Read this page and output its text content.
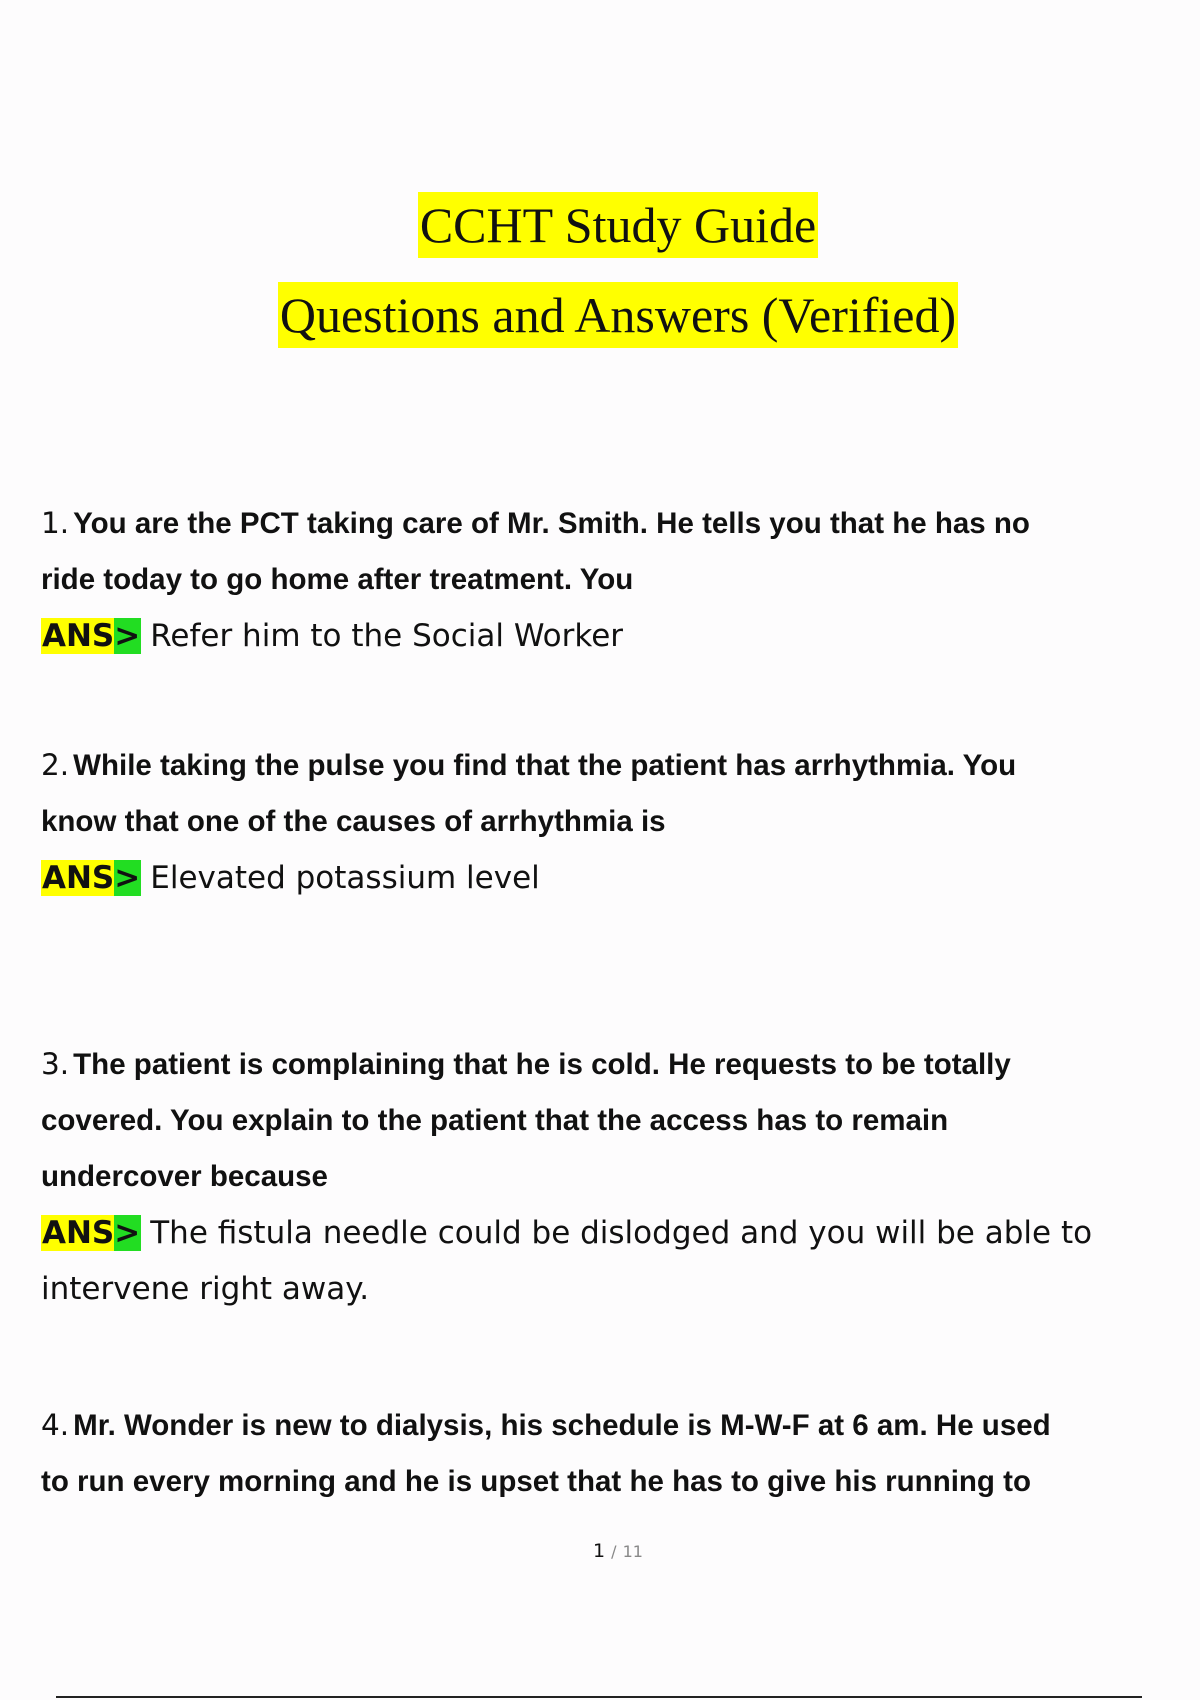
CCHT Study Guide
Questions and Answers (Verified)
1. You are the PCT taking care of Mr. Smith. He tells you that he has no
ride today to go home after treatment. You
ANS> Refer him to the Social Worker
2. While taking the pulse you find that the patient has arrhythmia. You
know that one of the causes of arrhythmia is
ANS> Elevated potassium level
3. The patient is complaining that he is cold. He requests to be totally
covered. You explain to the patient that the access has to remain
undercover because
ANS> The fistula needle could be dislodged and you will be able to
intervene right away.
4. Mr. Wonder is new to dialysis, his schedule is M-W-F at 6 am. He used
to run every morning and he is upset that he has to give his running to
1 / 11
